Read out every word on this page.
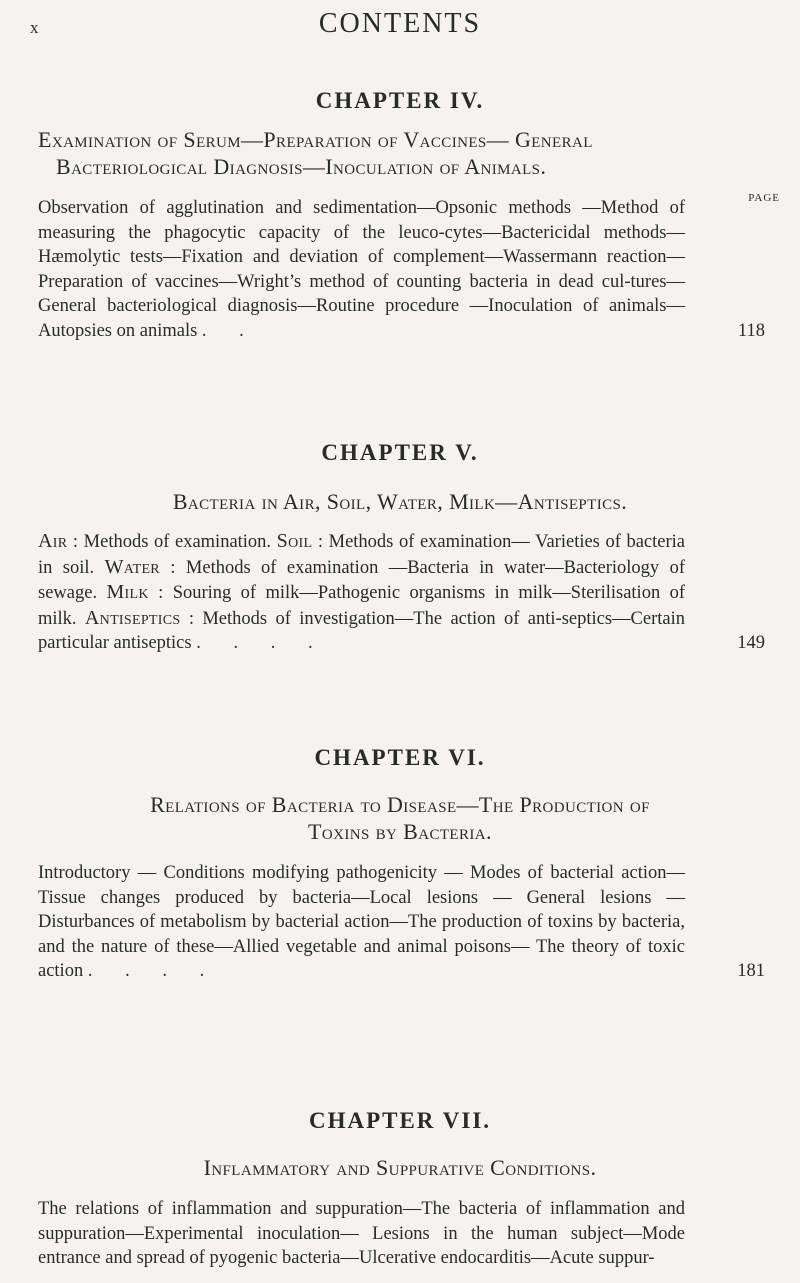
x	CONTENTS
CHAPTER IV.

Examination of Serum—Preparation of Vaccines— General Bacteriological Diagnosis—Inoculation of Animals.

PAGE
Observation of agglutination and sedimentation—Opsonic methods —Method of measuring the phagocytic capacity of the leuco-cytes—Bactericidal methods—Hæmolytic tests—Fixation and deviation of complement—Wassermann reaction—Preparation of vaccines—Wright’s method of counting bacteria in dead cul-tures—General bacteriological diagnosis—Routine procedure —Inoculation of animals—Autopsies on animals . .	118
CHAPTER V.

Bacteria in Air, Soil, Water, Milk—Antiseptics.

Air : Methods of examination. Soil : Methods of examination— Varieties of bacteria in soil. Water : Methods of examination —Bacteria in water—Bacteriology of sewage. Milk : Souring of milk—Pathogenic organisms in milk—Sterilisation of milk. Antiseptics : Methods of investigation—The action of anti-septics—Certain particular antiseptics . . . .	149
CHAPTER VI.

Relations of Bacteria to Disease—The Production of Toxins by Bacteria.

Introductory — Conditions modifying pathogenicity — Modes of bacterial action—Tissue changes produced by bacteria—Local lesions — General lesions — Disturbances of metabolism by bacterial action—The production of toxins by bacteria, and the nature of these—Allied vegetable and animal poisons— The theory of toxic action . . . .	181
CHAPTER VII.

Inflammatory and Suppurative Conditions.

The relations of inflammation and suppuration—The bacteria of inflammation and suppuration—Experimental inoculation— Lesions in the human subject—Mode entrance and spread of pyogenic bacteria—Ulcerative endocarditis—Acute suppur-
